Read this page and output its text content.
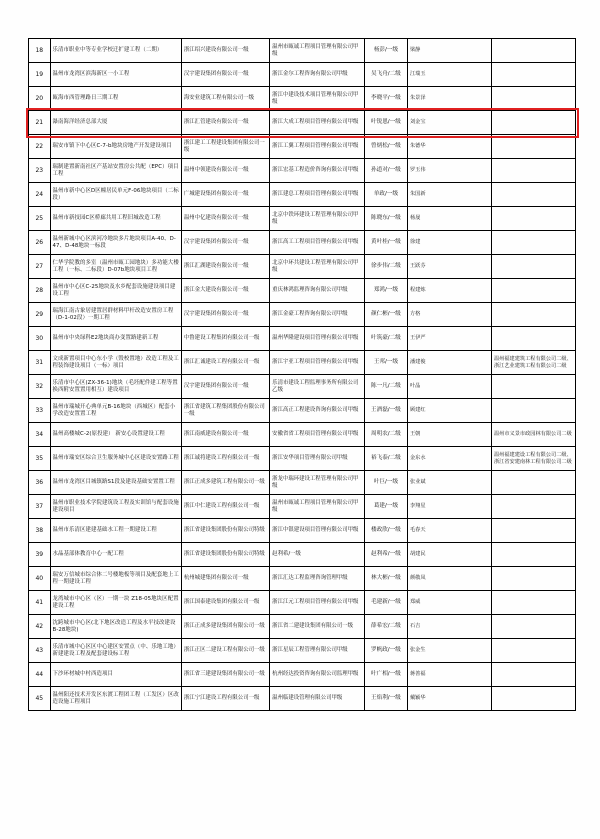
18	乐清市职业中等专业学校迁扩建工程（二期）	浙江绍兴建设有限公司一级	温州市瓯诚工程项目管理有限公司甲级	杨彭/一级	梁静	
19	温州市龙湾区滨海新区一小工程	汉宇建设集团有限公司一级	浙江金尔工程咨询有限公司甲级	吴飞舟/二级	江瑞玉	
20	瓯海市西管理路日三期工程	海安业建筑工程有限公司一级	浙江中建设技术项目管理有限公司甲级	李晓平/一级	朱景泽	
21	瀑南海洋经济总部大厦	浙江汇管建设有限公司一级	浙江大成工程项目管理有限公司甲级	叶锐恩/一级	刘金宝	
22	瑞安市镇下中心区C-7-b地块房地产开发建设项目	浙江建工工程建设集团有限公司一级	浙江工翼工程项目管理有限公司甲级	曾炳松/一级	朱德华	
23	瑞制建置新南社区产基站安置房公共配（EPC）项目工程	温州中领建设有限公司一级	浙江宏基工程造价咨询有限公司甲级	孙道对/一级	罗玉伟	
24	温州市新中心区D区幢居民单元F-06地块项目（二标段）	广城建设集团有限公司一级	浙江建总工程项目管理有限公司甲级	单政/一级	朱国新	
25	温州市新技园C区桥廊共用工程旧城改造工程	温州中亿建设有限公司一级	北京中铁环建设工程管理有限公司甲级	陈晓东/一级	杨晟	
26	温州新城中心区滨河冷地块多片地块项目A-40、D-47、D-48地块一标段	汉宇建设集团有限公司一级	浙江高工工程项目管理有限公司甲级	黄叶桂/一级	徐建	
27	仁华学院教的多室（温州市瓯工园地块）多功能大楼工程（一标、二标段）D-07b地块项目工程	浙江汇湖建设有限公司一级	北京中环共建设工程管理有限公司甲级	徐步伟/二级	王跃芬	
28	温州市中心区C-25地块及水乡配套设施建设项目建设工程	浙江金大建设有限公司一级	重庆林鸿监理咨询有限公司甲级	郑鸿/一级	程建炼	
29	瑞海江南古象居建置居群材料甲杆改造安置房工程（D-1-02段）一期工程	汉宇建设集团有限公司一级	浙江金豪工程咨询有限公司甲级	颜仁彬/一级	方格	
30	温州市中央绿科E2地块商办变置路建新工程	中鲁建设工程集团有限公司一级	温州华隆建设项目管理有限公司甲级	叶筑豪/二级	王伊严	
31	文成新置项目中心东小学（毁校置地）改造工程及工程装饰建设项目（一标）项目	浙江汇诚建设工程有限公司一级	浙江宇亚工程项目管理有限公司甲级	王邦/一级	潘建俊	温州福建建筑工程有限公司二级、浙江艺业建筑工程有限公司二级
32	乐清市中心区(ZX-36-1)地块（毛坯配件建工程等置换西附安置置用相互）建设项目	汉宇建设集团有限公司一级	乐清市建设工程监理事务所有限公司乙级	陈一凡/二级	叶晶	
33	温州市瑞城开心典单元B-16地块（西城区）配套小学改造安置置工程	浙江省建筑工程集团股份有限公司一级	浙江高正工程建设咨询有限公司甲级	王酒磊/一级	顾建红	
34	温州高楼城C-2(原投建） 新安心设置建设工程	浙江南威建设有限公司一级	安徽省省工程项目管理有限公司甲级	周明农/二级	王朝	温州市义景市政园林有限公司二级
35	温州市瑞安区综合卫生服务城中心区建设安置路工程	浙江诚将建设工程有限公司一级	浙江安华项目管理有限公司甲级	裕飞泰/二级	金东水	温州福建建设工程有限公司二级、浙江省安建南林工程有限公司二级
36	温州市龙湾区目城镇路S1段及建设基础安置置工程	浙江正成多建筑工程有限公司一级	浙龙中瑞环建设工程管理有限公司甲级	叶巨/一级	张业斌	
37	温州市职业技术学院建筑设工程及实训馆与配套设施建设项目	浙江中仁建设工程有限公司一级	温州市瓯诚工程项目管理有限公司甲级	葛建/一级	李翔星	
38	温州市乐清区建建基础水工程一期建设工程	浙江省建设集团股份有限公司特级	浙江中银建设项目管理有限公司甲级	楼政欣/一级	毛春天	
39	水晶基部体教育中心一配工程	浙江省建设集团股份有限公司特级	赵利希/一级	赵利希/一级	胡建民	
40	瑞安万信城市综合体二号楼地板等项目及配套地上工程一期建设工程	杭州城建集团有限公司一级	浙江汇达工程监理咨询管理甲级	林大彬/一级	颜敬凤	
41	龙湾城市中心区（区）一期一块 Z18-05地块区配置建设工程	浙江国泰建设集团有限公司一级	浙江江元工程项目管理有限公司甲级	毛建新/一级	郑威	
42	沈跨城市中心区(北下地区改造工程及水平技改建设B-28地块)	浙江正成多建设集团有限公司一级	浙江省二建建设集团有限公司一级	薛希宏/二级	石吉	
43	乐清市城中心区区中心建区安置点（中、乐地工地）新建建设工程及配套建设标工程	浙江正区二建设工程有限公司一级	浙江星辰工程管理有限公司甲级	罗帆政/一级	张金生	
44	下沙环材城中村西造项目	浙江省三建建设集团有限公司一级	杭州经达投资咨询有限公司监理甲级	叶广相/一级	蒋善福	
45	温州阳还技术开发区东渡工程团工程（工发区）区改造设施工程项目	浙江宁江建设工程有限公司一级	温州临建设管理有限公司甲级	王焰利/一级	戴颖华	
